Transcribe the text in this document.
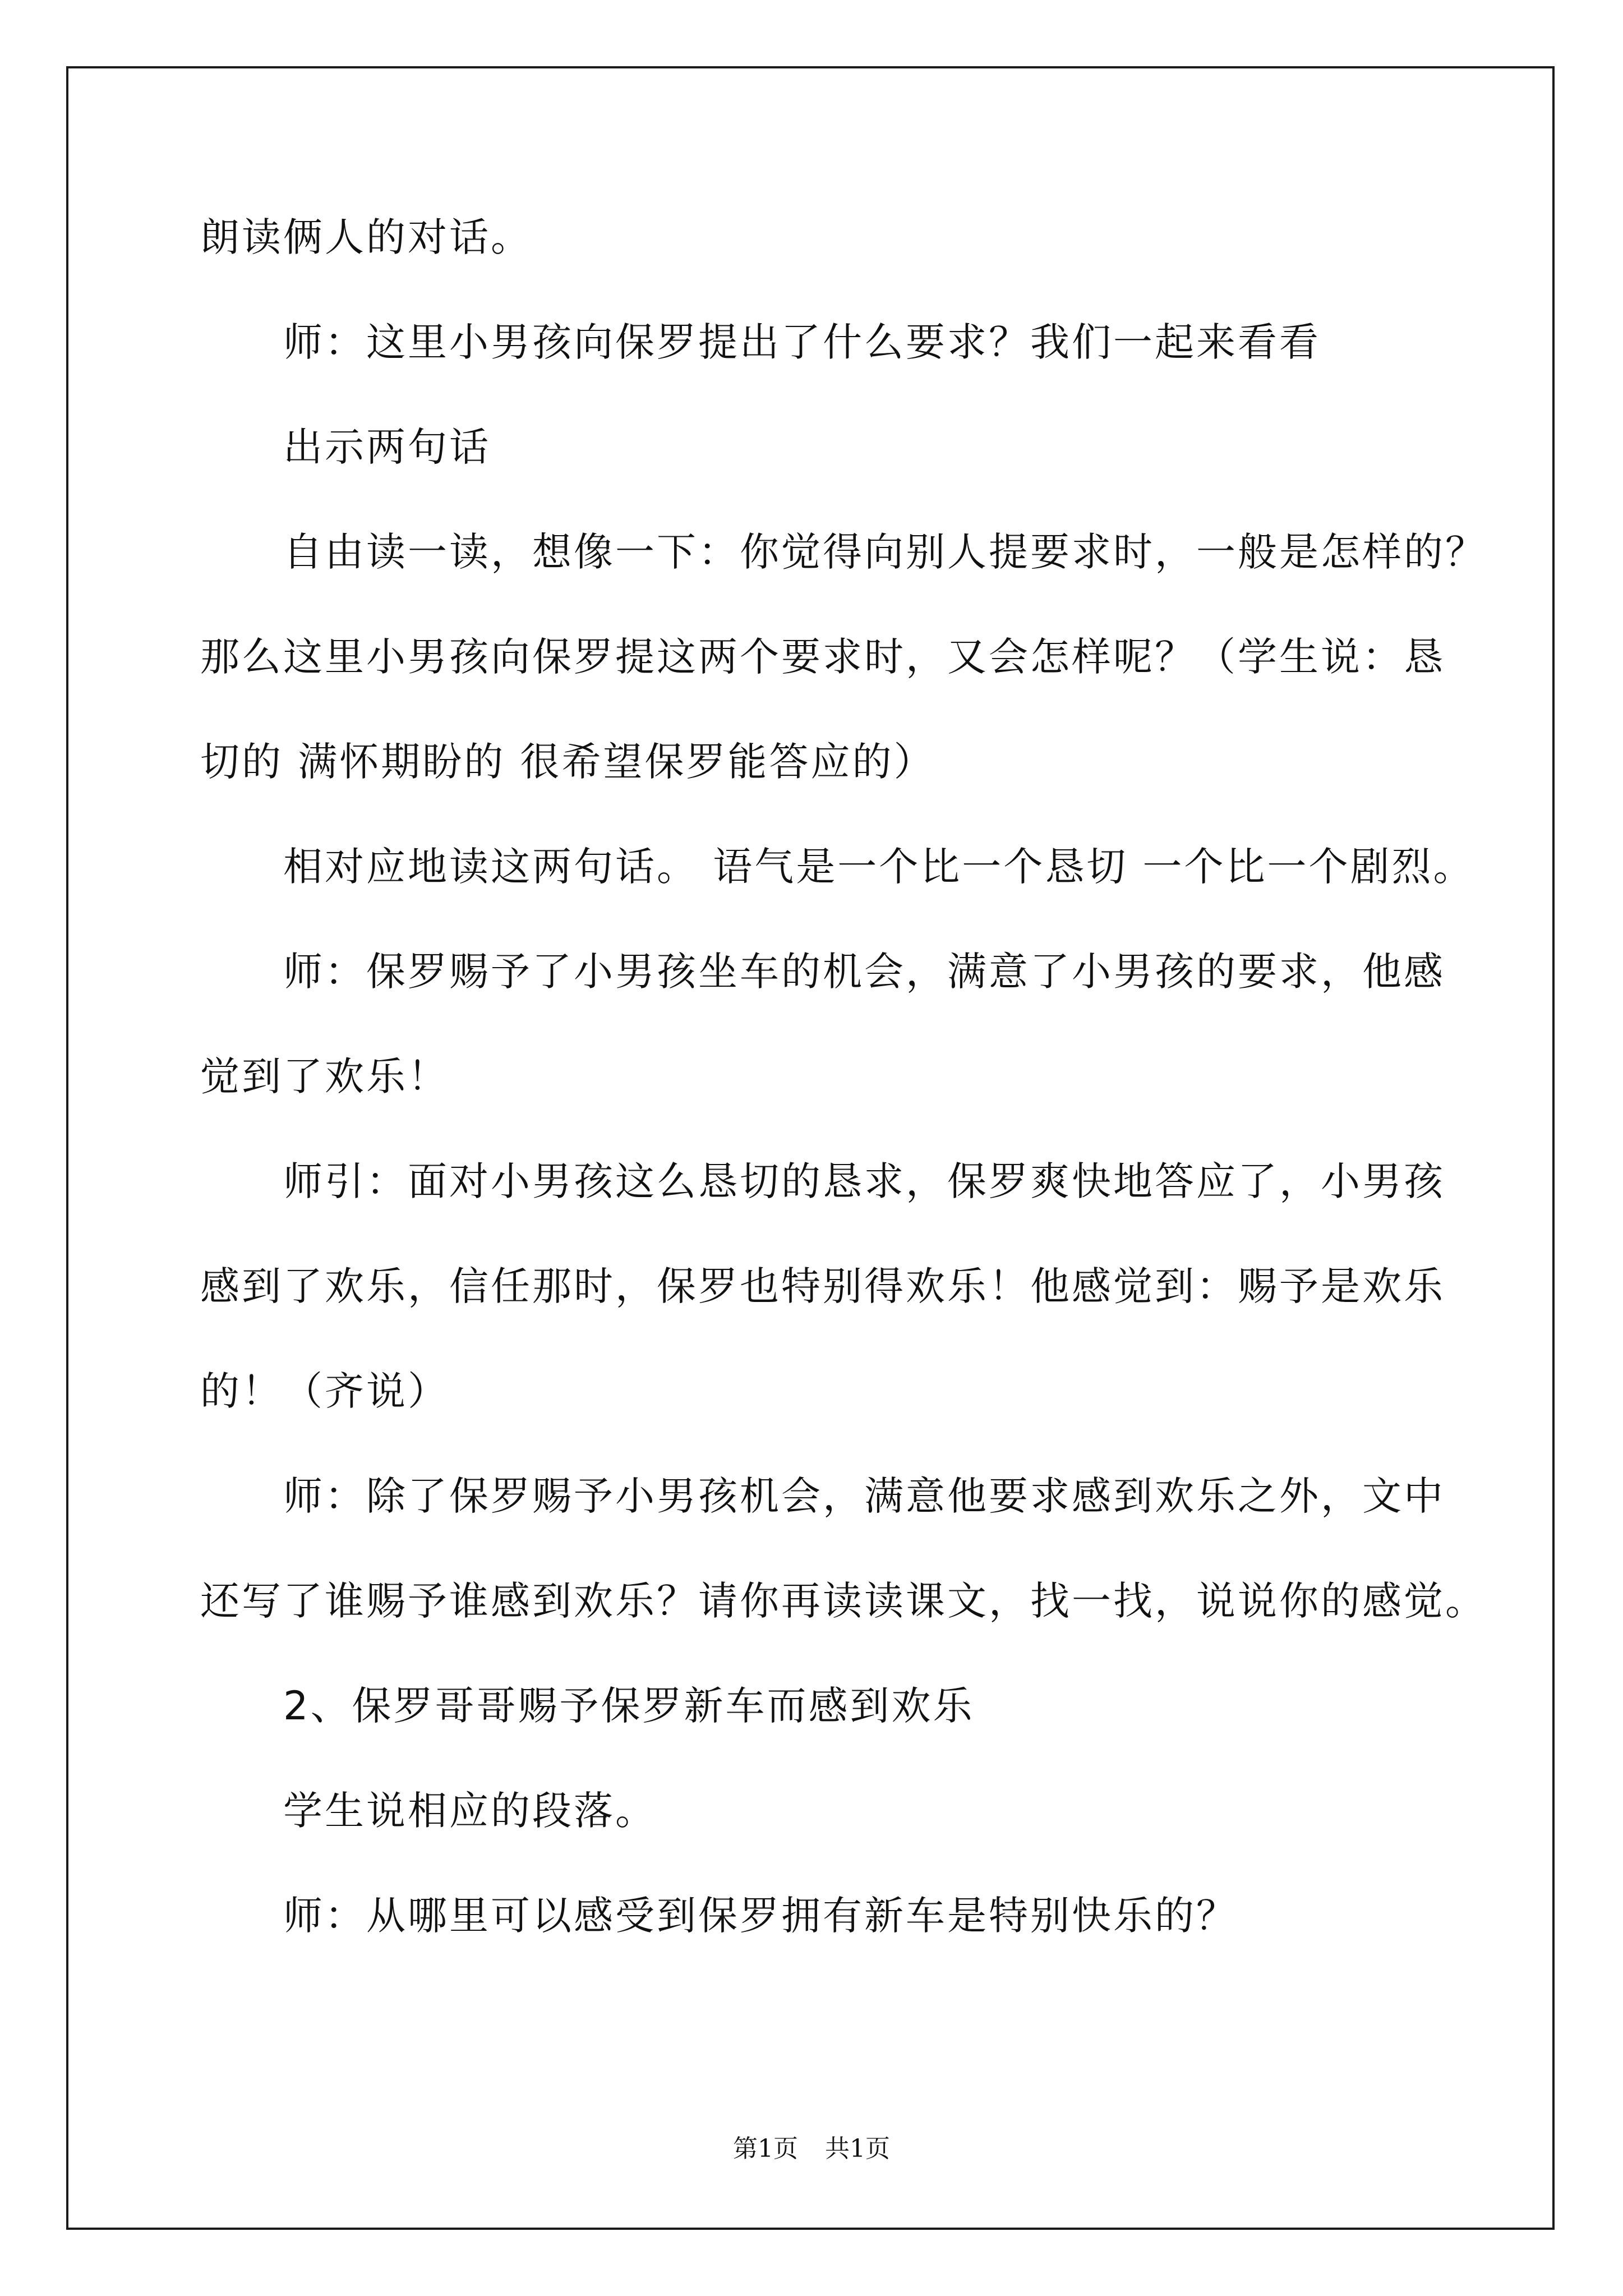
朗读俩人的对话。
师：这里小男孩向保罗提出了什么要求？我们一起来看看
出示两句话
自由读一读，想像一下：你觉得向别人提要求时，一般是怎样的？
那么这里小男孩向保罗提这两个要求时，又会怎样呢？（学生说：恳
切的 满怀期盼的 很希望保罗能答应的）
相对应地读这两句话。 语气是一个比一个恳切 一个比一个剧烈。
师：保罗赐予了小男孩坐车的机会，满意了小男孩的要求，他感
觉到了欢乐！
师引：面对小男孩这么恳切的恳求，保罗爽快地答应了，小男孩
感到了欢乐，信任那时，保罗也特别得欢乐！他感觉到：赐予是欢乐
的！（齐说）
师：除了保罗赐予小男孩机会，满意他要求感到欢乐之外，文中
还写了谁赐予谁感到欢乐？请你再读读课文，找一找，说说你的感觉。
2、保罗哥哥赐予保罗新车而感到欢乐
学生说相应的段落。
师：从哪里可以感受到保罗拥有新车是特别快乐的？
第1页 共1页
